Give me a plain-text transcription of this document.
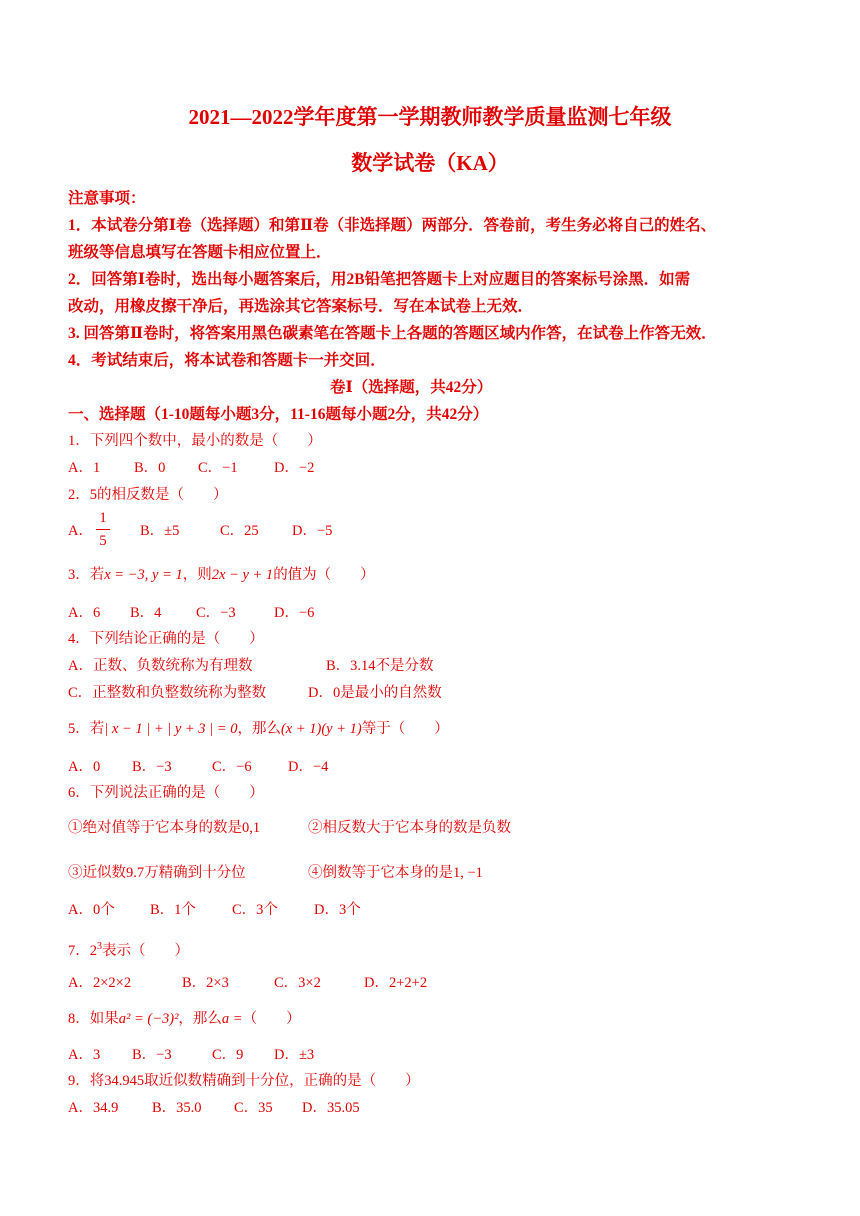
2021—2022学年度第一学期教师教学质量监测七年级
数学试卷（KA）
注意事项：
1．本试卷分第Ⅰ卷（选择题）和第Ⅱ卷（非选择题）两部分．答卷前，考生务必将自己的姓名、
班级等信息填写在答题卡相应位置上．
2．回答第Ⅰ卷时，选出每小题答案后，用2B铅笔把答题卡上对应题目的答案标号涂黑．如需
改动，用橡皮擦干净后，再选涂其它答案标号．写在本试卷上无效．
3. 回答第Ⅱ卷时，将答案用黑色碳素笔在答题卡上各题的答题区域内作答，在试卷上作答无效．
4．考试结束后，将本试卷和答题卡一并交回．
卷Ⅰ（选择题，共42分）
一、选择题（1-10题每小题3分，11-16题每小题2分，共42分）
1．下列四个数中，最小的数是（　　）
A．1 B．0 C．−1	D．−2
2．5的相反数是（　　）
A．
1
5
B．±5	C．25 D．−5
3．若x = −3, y = 1，则2x − y + 1的值为（　　）
A．6 B．4 C．−3	D．−6
4．下列结论正确的是（　　）
A．正数、负数统称为有理数	B．3.14不是分数
C．正整数和负整数统称为整数	D．0是最小的自然数
5．若| x − 1 | + | y + 3 | = 0，那么(x + 1)(y + 1)等于（　　）
A．0 B．−3	C．−6	D．−4
6．下列说法正确的是（　　）
①绝对值等于它本身的数是0,1	②相反数大于它本身的数是负数
③近似数9.7万精确到十分位	④倒数等于它本身的是1, −1
A．0个 B．1个 C．3个 D．3个
7．$2^3$表示（　　）
A．2×2×2	B．2×3	C．3×2	D．2+2+2
8．如果a² = (−3)²，那么a =（　　）
A．3 B．−3	C．9 D．±3
9．将34.945取近似数精确到十分位，正确的是（　　）
A．34.9 B．35.0 C．35 D．35.05
